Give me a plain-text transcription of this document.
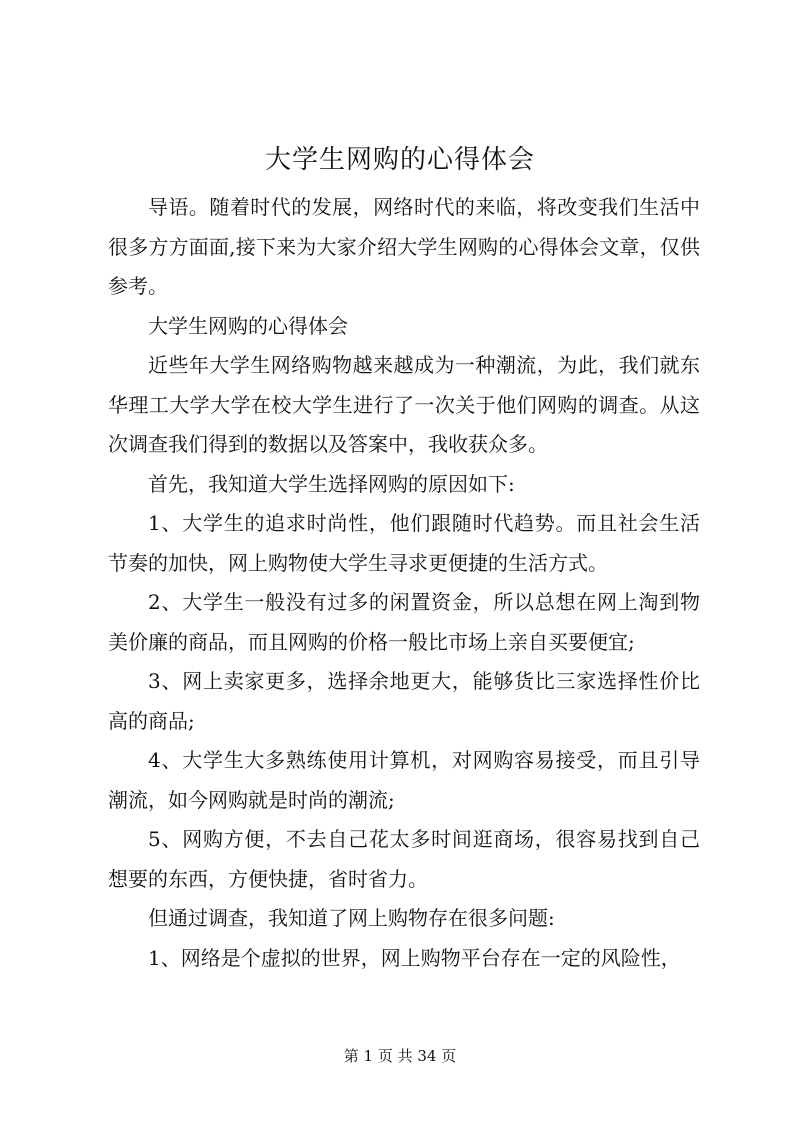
大学生网购的心得体会

导语。随着时代的发展，网络时代的来临，将改变我们生活中很多方方面面,接下来为大家介绍大学生网购的心得体会文章，仅供参考。

大学生网购的心得体会

近些年大学生网络购物越来越成为一种潮流，为此，我们就东华理工大学大学在校大学生进行了一次关于他们网购的调查。从这次调查我们得到的数据以及答案中，我收获众多。

首先，我知道大学生选择网购的原因如下:

1、大学生的追求时尚性，他们跟随时代趋势。而且社会生活节奏的加快，网上购物使大学生寻求更便捷的生活方式。

2、大学生一般没有过多的闲置资金，所以总想在网上淘到物美价廉的商品，而且网购的价格一般比市场上亲自买要便宜;

3、网上卖家更多，选择余地更大，能够货比三家选择性价比高的商品;

4、大学生大多熟练使用计算机，对网购容易接受，而且引导潮流，如今网购就是时尚的潮流;

5、网购方便，不去自己花太多时间逛商场，很容易找到自己想要的东西，方便快捷，省时省力。

但通过调查，我知道了网上购物存在很多问题:

1、网络是个虚拟的世界，网上购物平台存在一定的风险性，

第 1 页 共 34 页
